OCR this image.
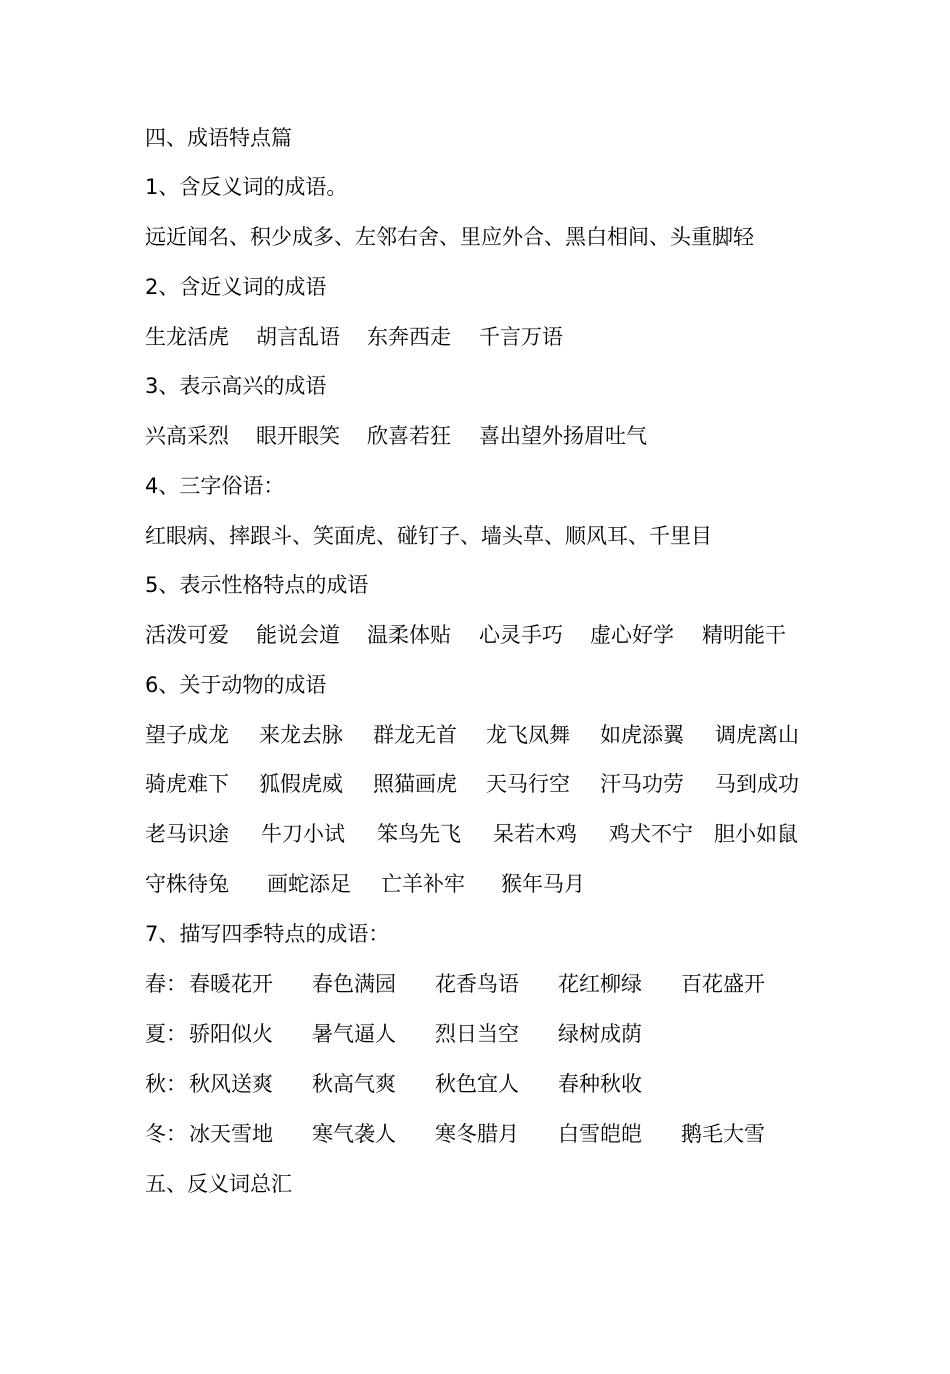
四、成语特点篇
1、含反义词的成语。
远近闻名、积少成多、左邻右舍、里应外合、黑白相间、头重脚轻
2、含近义词的成语

生龙活虎

胡言乱语

东奔西走

千言万语

3、表示高兴的成语

兴高采烈

眼开眼笑

欣喜若狂

喜出望外扬眉吐气

4、三字俗语：
红眼病、摔跟斗、笑面虎、碰钉子、墙头草、顺风耳、千里目
5、表示性格特点的成语

活泼可爱

能说会道

温柔体贴

心灵手巧

虚心好学

精明能干

6、关于动物的成语

望子成龙

来龙去脉

群龙无首

龙飞凤舞

如虎添翼

调虎离山

骑虎难下

狐假虎威

照猫画虎

天马行空

汗马功劳

马到成功

老马识途

牛刀小试

笨鸟先飞

呆若木鸡

鸡犬不宁

胆小如鼠

守株待兔

画蛇添足

亡羊补牢

猴年马月

7、描写四季特点的成语：

春：

春暖花开

春色满园

花香鸟语

花红柳绿

百花盛开

夏：

骄阳似火

暑气逼人

烈日当空

绿树成荫

秋：

秋风送爽

秋高气爽

秋色宜人

春种秋收

冬：

冰天雪地

寒气袭人

寒冬腊月

白雪皑皑

鹅毛大雪

五、反义词总汇
